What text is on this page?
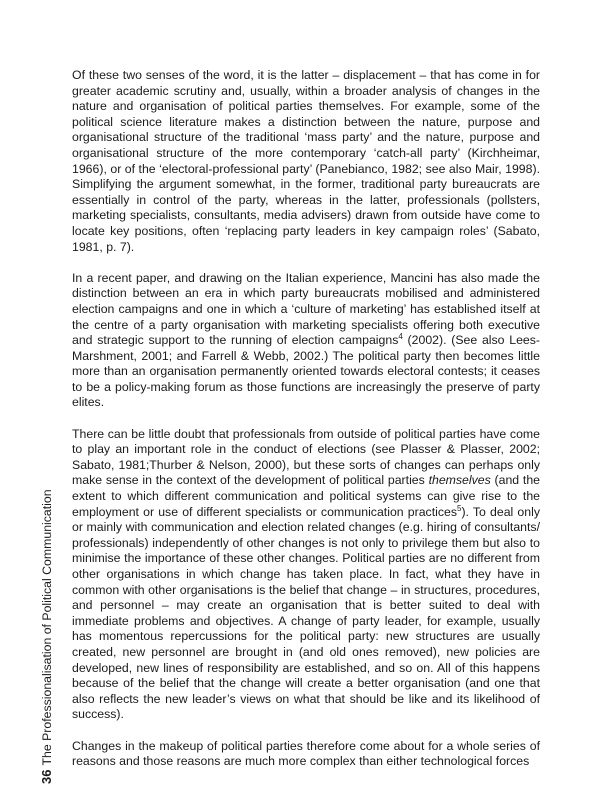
Of these two senses of the word, it is the latter – displacement – that has come in for greater academic scrutiny and, usually, within a broader analysis of changes in the nature and organisation of political parties themselves. For example, some of the political science literature makes a distinction between the nature, purpose and organisational structure of the traditional ‘mass party’ and the nature, purpose and organisational structure of the more contemporary ‘catch-all party’ (Kirchheimar, 1966), or of the ‘electoral-professional party’ (Panebianco, 1982; see also Mair, 1998). Simplifying the argument somewhat, in the former, traditional party bureaucrats are essentially in control of the party, whereas in the latter, professionals (pollsters, marketing specialists, consultants, media advisers) drawn from outside have come to locate key positions, often ‘replacing party leaders in key campaign roles’ (Sabato, 1981, p. 7).

In a recent paper, and drawing on the Italian experience, Mancini has also made the distinction between an era in which party bureaucrats mobilised and administered election campaigns and one in which a ‘culture of marketing’ has established itself at the centre of a party organisation with marketing specialists offering both executive and strategic support to the running of election campaigns$^4$ (2002). (See also Lees-Marshment, 2001; and Farrell & Webb, 2002.) The political party then becomes little more than an organisation permanently oriented towards electoral contests; it ceases to be a policy-making forum as those functions are increasingly the preserve of party elites.

There can be little doubt that professionals from outside of political parties have come to play an important role in the conduct of elections (see Plasser & Plasser, 2002; Sabato, 1981;Thurber & Nelson, 2000), but these sorts of changes can perhaps only make sense in the context of the development of political parties themselves (and the extent to which different communication and political systems can give rise to the employment or use of different specialists or communication practices$^5$). To deal only or mainly with communication and election related changes (e.g. hiring of consultants/ professionals) independently of other changes is not only to privilege them but also to minimise the importance of these other changes. Political parties are no different from other organisations in which change has taken place. In fact, what they have in common with other organisations is the belief that change – in structures, procedures, and personnel – may create an organisation that is better suited to deal with immediate problems and objectives. A change of party leader, for example, usually has momentous repercussions for the political party: new structures are usually created, new personnel are brought in (and old ones removed), new policies are developed, new lines of responsibility are established, and so on. All of this happens because of the belief that the change will create a better organisation (and one that also reflects the new leader’s views on what that should be like and its likelihood of success).

Changes in the makeup of political parties therefore come about for a whole series of reasons and those reasons are much more complex than either technological forces

36
The Professionalisation of Political Communication
